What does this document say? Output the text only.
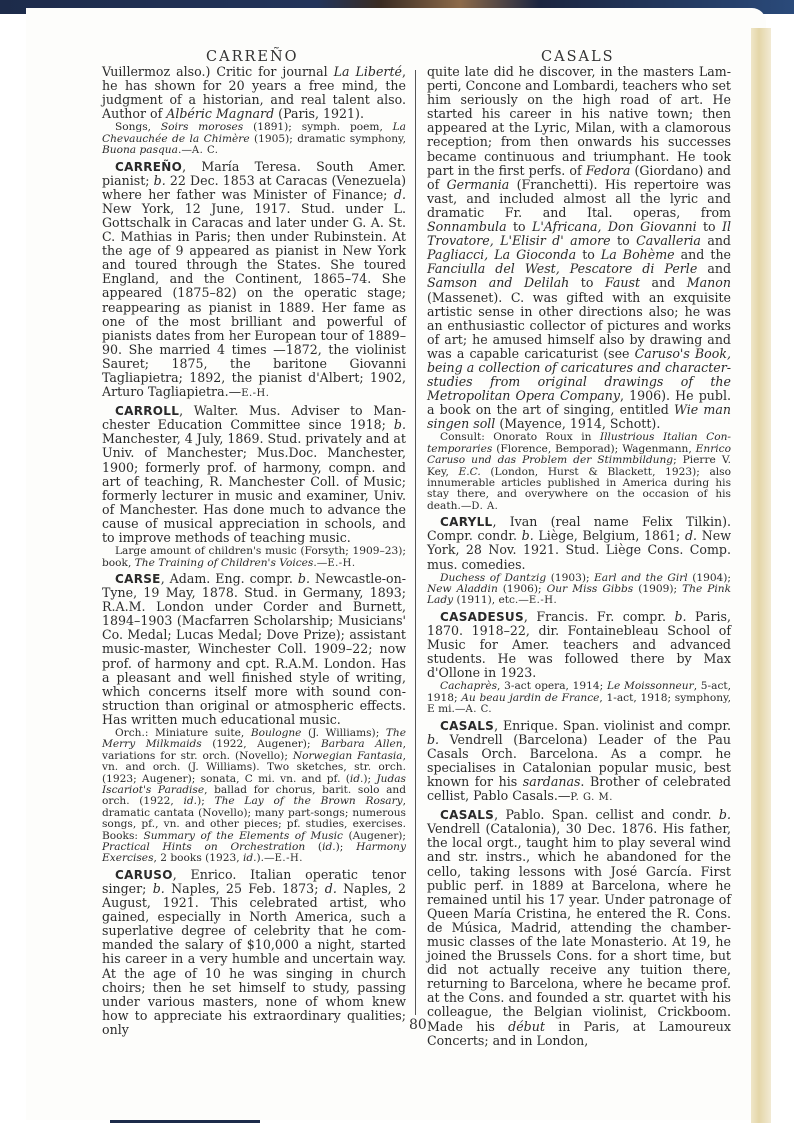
CARREÑO	CASALS

Vuillermoz also.) Critic for journal La Liberté, he has shown for 20 years a free mind, the judgment of a historian, and real talent also. Author of Albéric Magnard (Paris, 1921).

Songs, Soirs moroses (1891); symph. poem, La Chevauchée de la Chimère (1905); dramatic symphony, Buona pasqua.—A. C.

CARREÑO, María Teresa. South Amer. pianist; b. 22 Dec. 1853 at Caracas (Venezuela) where her father was Minister of Finance; d. New York, 12 June, 1917. Stud. under L. Gottschalk in Caracas and later under G. A. St. C. Mathias in Paris; then under Rubinstein. At the age of 9 appeared as pianist in New York and toured through the States. She toured England, and the Continent, 1865–74. She appeared (1875–82) on the operatic stage; reappearing as pianist in 1889. Her fame as one of the most brilliant and powerful of pianists dates from her European tour of 1889–90. She married 4 times —1872, the violinist Sauret; 1875, the baritone Giovanni Tagliapietra; 1892, the pianist d'Albert; 1902, Arturo Tagliapietra.—E.-H.

CARROLL, Walter. Mus. Adviser to Manchester Education Committee since 1918; b. Manchester, 4 July, 1869. Stud. privately and at Univ. of Manchester; Mus.Doc. Manchester, 1900; formerly prof. of harmony, compn. and art of teaching, R. Manchester Coll. of Music; formerly lecturer in music and examiner, Univ. of Manchester. Has done much to advance the cause of musical appreciation in schools, and to improve methods of teaching music.

Large amount of children's music (Forsyth; 1909–23); book, The Training of Children's Voices.—E.-H.

CARSE, Adam. Eng. compr. b. Newcastle-on-Tyne, 19 May, 1878. Stud. in Germany, 1893; R.A.M. London under Corder and Burnett, 1894–1903 (Macfarren Scholarship; Musicians' Co. Medal; Lucas Medal; Dove Prize); assistant music-master, Winchester Coll. 1909–22; now prof. of harmony and cpt. R.A.M. London. Has a pleasant and well finished style of writing, which concerns itself more with sound construction than original or atmospheric effects. Has written much educational music.

Orch.: Miniature suite, Boulogne (J. Williams); The Merry Milkmaids (1922, Augener); Barbara Allen, variations for str. orch. (Novello); Norwegian Fantasia, vn. and orch. (J. Williams). Two sketches, str. orch. (1923; Augener); sonata, C mi. vn. and pf. (id.); Judas Iscariot's Paradise, ballad for chorus, barit. solo and orch. (1922, id.); The Lay of the Brown Rosary, dramatic cantata (Novello); many part-songs; numerous songs, pf., vn. and other pieces; pf. studies, exercises. Books: Summary of the Elements of Music (Augener); Practical Hints on Orchestration (id.); Harmony Exercises, 2 books (1923, id.).—E.-H.

CARUSO, Enrico. Italian operatic tenor singer; b. Naples, 25 Feb. 1873; d. Naples, 2 August, 1921. This celebrated artist, who gained, especially in North America, such a superlative degree of celebrity that he commanded the salary of $10,000 a night, started his career in a very humble and uncertain way. At the age of 10 he was singing in church choirs; then he set himself to study, passing under various masters, none of whom knew how to appreciate his extraordinary qualities; only

quite late did he discover, in the masters Lamperti, Concone and Lombardi, teachers who set him seriously on the high road of art. He started his career in his native town; then appeared at the Lyric, Milan, with a clamorous reception; from then onwards his successes became continuous and triumphant. He took part in the first perfs. of Fedora (Giordano) and of Germania (Franchetti). His repertoire was vast, and included almost all the lyric and dramatic Fr. and Ital. operas, from Sonnambula to L'Africana, Don Giovanni to Il Trovatore, L'Elisir d' amore to Cavalleria and Pagliacci, La Gioconda to La Bohème and the Fanciulla del West, Pescatore di Perle and Samson and Delilah to Faust and Manon (Massenet). C. was gifted with an exquisite artistic sense in other directions also; he was an enthusiastic collector of pictures and works of art; he amused himself also by drawing and was a capable caricaturist (see Caruso's Book, being a collection of caricatures and character-studies from original drawings of the Metropolitan Opera Company, 1906). He publ. a book on the art of singing, entitled Wie man singen soll (Mayence, 1914, Schott).

Consult: Onorato Roux in Illustrious Italian Contemporaries (Florence, Bemporad); Wagenmann, Enrico Caruso und das Problem der Stimmbildung; Pierre V. Key, E.C. (London, Hurst & Blackett, 1923); also innumerable articles published in America during his stay there, and overywhere on the occasion of his death.—D. A.

CARYLL, Ivan (real name Felix Tilkin). Compr. condr. b. Liège, Belgium, 1861; d. New York, 28 Nov. 1921. Stud. Liège Cons. Comp. mus. comedies.

Duchess of Dantzig (1903); Earl and the Girl (1904); New Aladdin (1906); Our Miss Gibbs (1909); The Pink Lady (1911), etc.—E.-H.

CASADESUS, Francis. Fr. compr. b. Paris, 1870. 1918–22, dir. Fontainebleau School of Music for Amer. teachers and advanced students. He was followed there by Max d'Ollone in 1923.

Cachaprès, 3-act opera, 1914; Le Moissonneur, 5-act, 1918; Au beau jardin de France, 1-act, 1918; symphony, E mi.—A. C.

CASALS, Enrique. Span. violinist and compr. b. Vendrell (Barcelona) Leader of the Pau Casals Orch. Barcelona. As a compr. he specialises in Catalonian popular music, best known for his sardanas. Brother of celebrated cellist, Pablo Casals.—P. G. M.

CASALS, Pablo. Span. cellist and condr. b. Vendrell (Catalonia), 30 Dec. 1876. His father, the local orgt., taught him to play several wind and str. instrs., which he abandoned for the cello, taking lessons with José García. First public perf. in 1889 at Barcelona, where he remained until his 17 year. Under patronage of Queen María Cristina, he entered the R. Cons. de Música, Madrid, attending the chamber-music classes of the late Monasterio. At 19, he joined the Brussels Cons. for a short time, but did not actually receive any tuition there, returning to Barcelona, where he became prof. at the Cons. and founded a str. quartet with his colleague, the Belgian violinist, Crickboom. Made his début in Paris, at Lamoureux Concerts; and in London,

80
